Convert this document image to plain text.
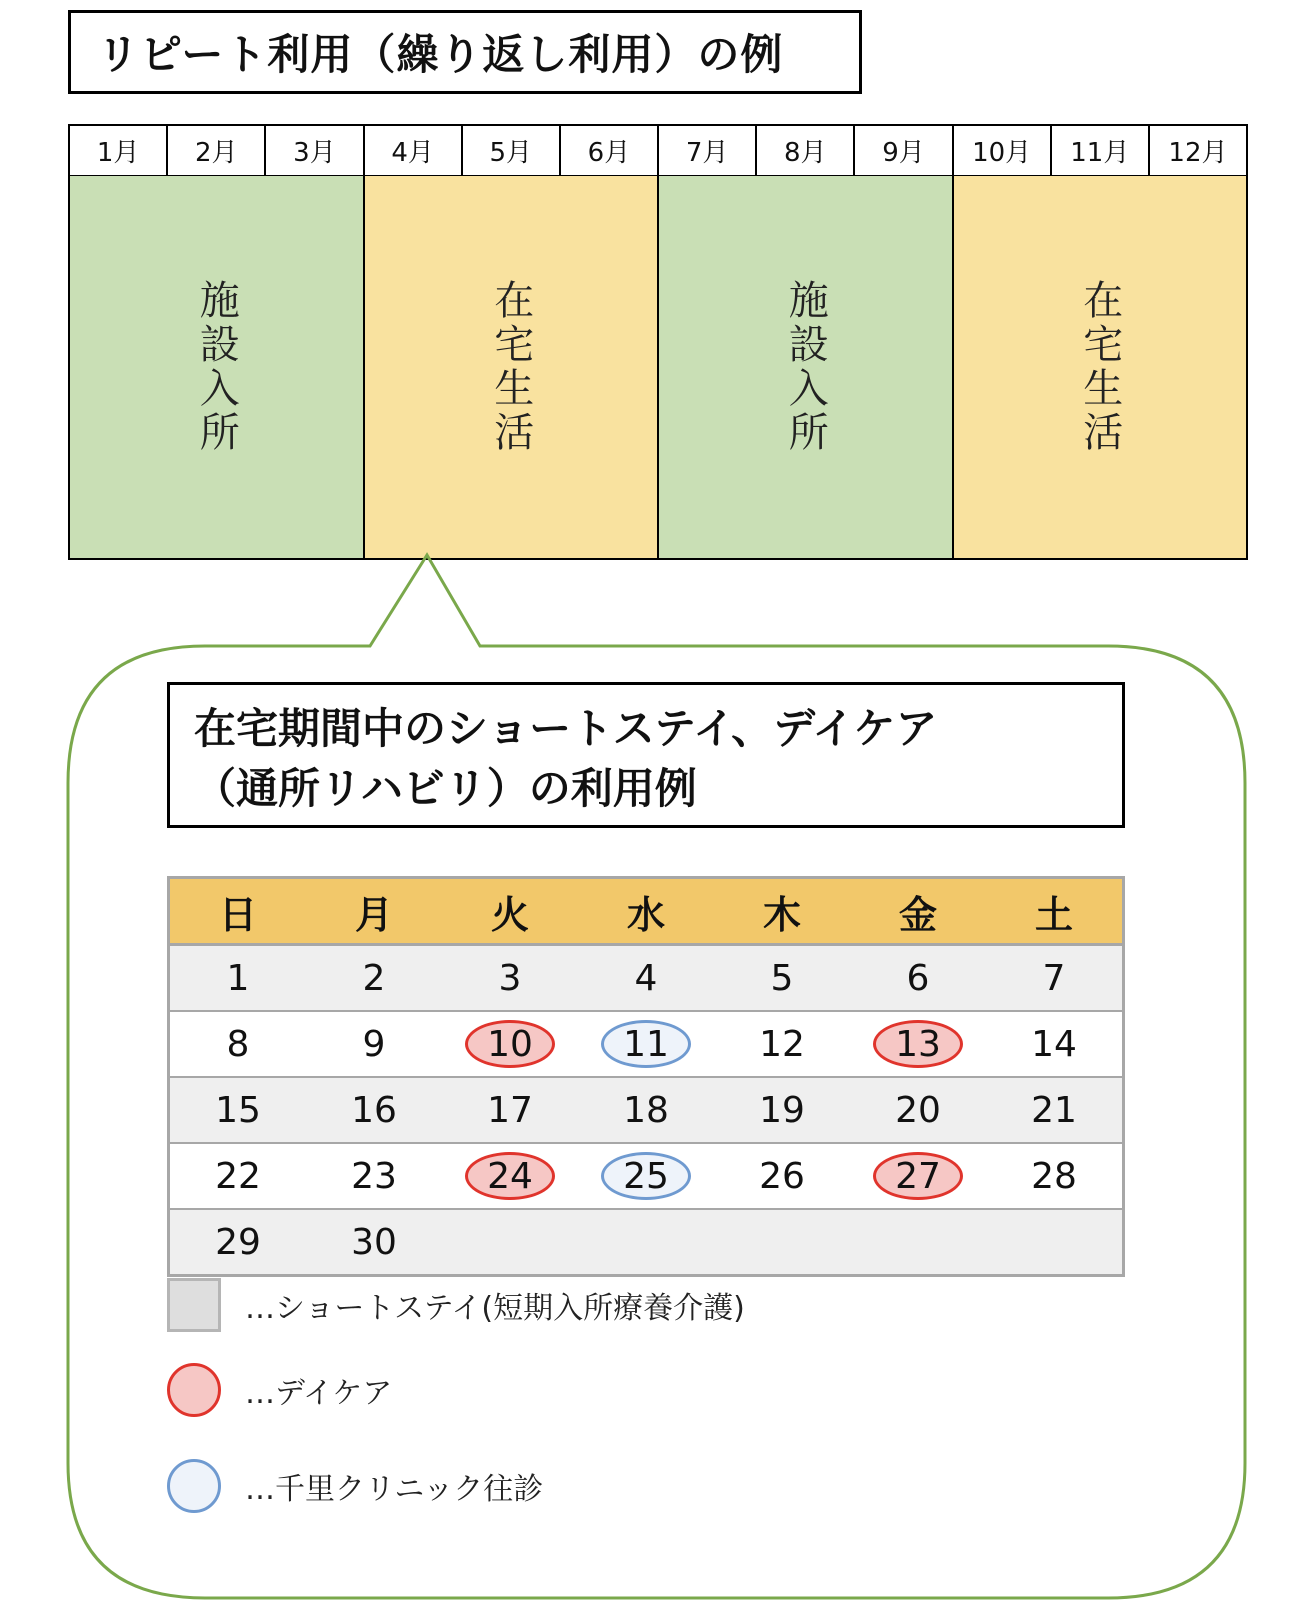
リピート利用（繰り返し利用）の例
1月	2月	3月	4月	5月	6月	7月	8月	9月	10月	11月	12月
施設入所	在宅生活	施設入所	在宅生活
在宅期間中のショートステイ、デイケア
（通所リハビリ）の利用例
日	月	火	水	木	金	土
1	2	3	4	5	6	7
8	9	10	11	12	13	14
15	16	17	18	19	20	21
22	23	24	25	26	27	28
29	30
…ショートステイ(短期入所療養介護)
…デイケア
…千里クリニック往診
